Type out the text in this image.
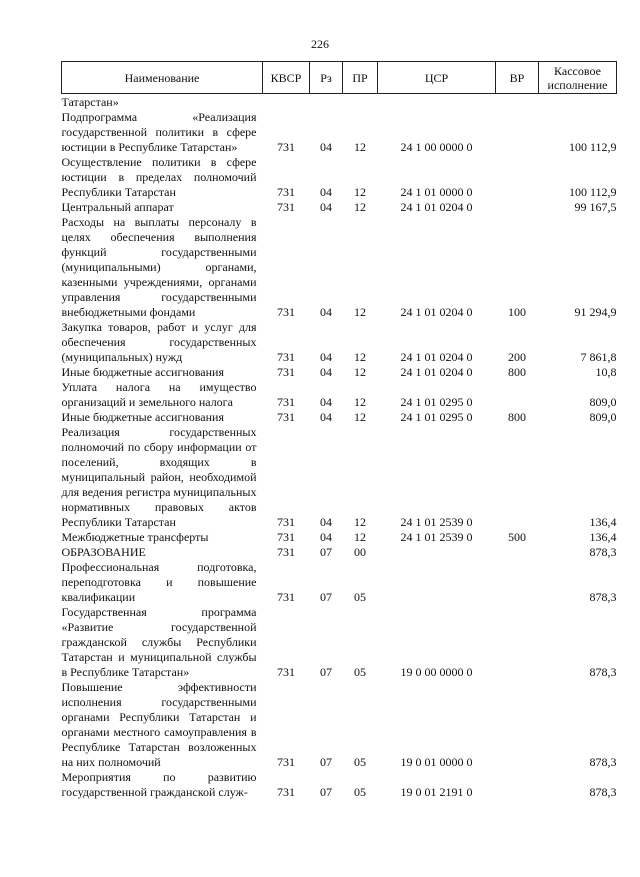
226
Наименование	КВСР	Рз	ПР	ЦСР	ВР	Кассовое исполнение
Татарстан»						
Подпрограмма «Реализация государственной политики в сфере юстиции в Республике Татарстан»	731	04	12	24 1 00 0000 0		100 112,9
Осуществление политики в сфере юстиции в пределах полномочий Республики Татарстан	731	04	12	24 1 01 0000 0		100 112,9
Центральный аппарат	731	04	12	24 1 01 0204 0		99 167,5
Расходы на выплаты персоналу в целях обеспечения выполнения функций государственными (муниципальными) органами, казенными учреждениями, органами управления государственными внебюджетными фондами	731	04	12	24 1 01 0204 0	100	91 294,9
Закупка товаров, работ и услуг для обеспечения государственных (муниципальных) нужд	731	04	12	24 1 01 0204 0	200	7 861,8
Иные бюджетные ассигнования	731	04	12	24 1 01 0204 0	800	10,8
Уплата налога на имущество организаций и земельного налога	731	04	12	24 1 01 0295 0		809,0
Иные бюджетные ассигнования	731	04	12	24 1 01 0295 0	800	809,0
Реализация государственных полномочий по сбору информации от поселений, входящих в муниципальный район, необходимой для ведения регистра муниципальных нормативных правовых актов Республики Татарстан	731	04	12	24 1 01 2539 0		136,4
Межбюджетные трансферты	731	04	12	24 1 01 2539 0	500	136,4
ОБРАЗОВАНИЕ	731	07	00			878,3
Профессиональная подготовка, переподготовка и повышение квалификации	731	07	05			878,3
Государственная программа «Развитие государственной гражданской службы Республики Татарстан и муниципальной службы в Республике Татарстан»	731	07	05	19 0 00 0000 0		878,3
Повышение эффективности исполнения государственными органами Республики Татарстан и органами местного самоуправления в Республике Татарстан возложенных на них полномочий	731	07	05	19 0 01 0000 0		878,3
Мероприятия по развитию государственной гражданской служ-	731	07	05	19 0 01 2191 0		878,3
